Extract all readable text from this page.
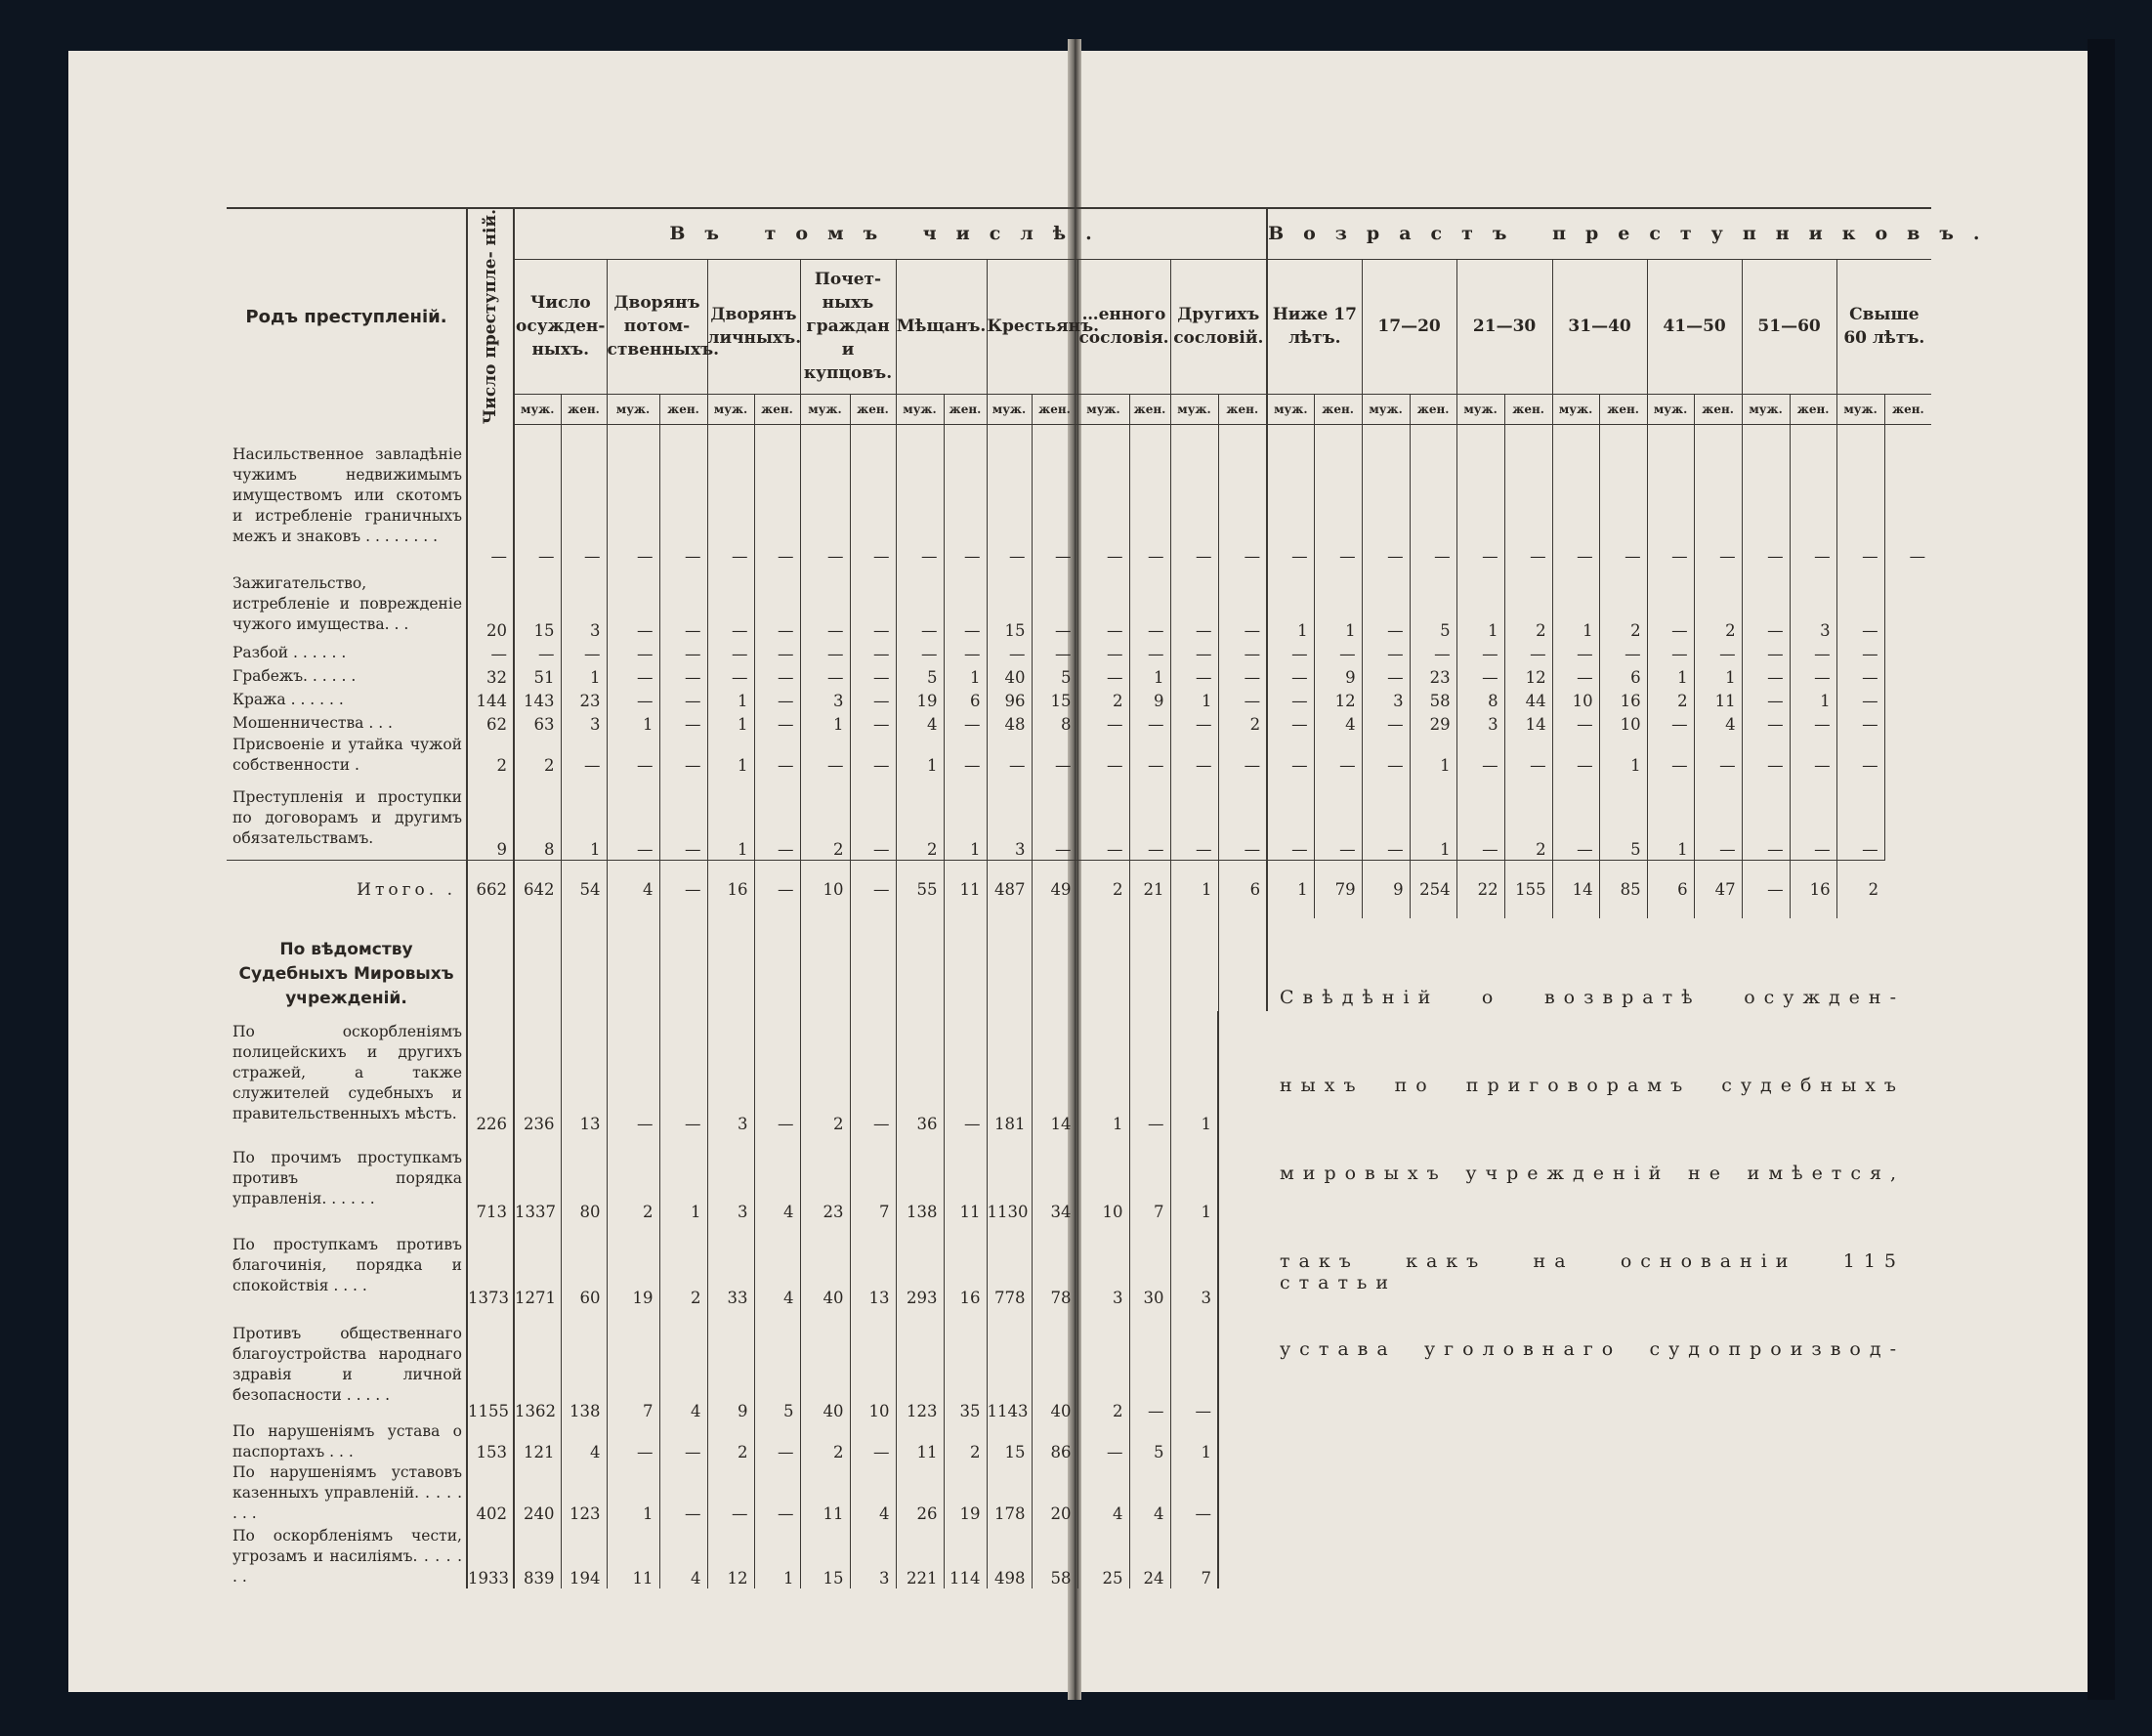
Родъ преступленій.	Число преступле- ній.	Въ томъ числѣ.																Возрастъ преступниковъ.													
		Число осужден- ныхъ.		Дворянъ потом- ственныхъ.		Дворянъ личныхъ.		Почет- ныхъ граждан и купцовъ.		Мѣщанъ.		Крестьянъ.		…енного сословія.		Другихъ сословій.		Ниже 17 лѣтъ.		17—20		21—30		31—40		41—50		51—60		Свыше 60 лѣтъ.	
		муж.	жен.	муж.	жен.	муж.	жен.	муж.	жен.	муж.	жен.	муж.	жен.	муж.	жен.	муж.	жен.	муж.	жен.	муж.	жен.	муж.	жен.	муж.	жен.	муж.	жен.	муж.	жен.	муж.	жен.
Насильственное завладѣніе чужимъ недвижимымъ имуществомъ или скотомъ и истребленіе граничныхъ межъ и знаковъ . . . . . . . .	—	—	—	—	—	—	—	—	—	—	—	—	—	—	—	—	—	—	—	—	—	—	—	—	—	—	—	—	—	—	—
Зажигательство, истребленіе и поврежденіе чужого имущества. . .	20	15	3	—	—	—	—	—	—	—	—	15	—	—	—	—	—	1	1	—	5	1	2	1	2	—	2	—	3	—	
Разбой . . . . . .	—	—	—	—	—	—	—	—	—	—	—	—	—	—	—	—	—	—	—	—	—	—	—	—	—	—	—	—	—	—	
Грабежъ. . . . . .	32	51	1	—	—	—	—	—	—	5	1	40	5	—	1	—	—	—	9	—	23	—	12	—	6	1	1	—	—	—	
Кража . . . . . .	144	143	23	—	—	1	—	3	—	19	6	96	15	2	9	1	—	—	12	3	58	8	44	10	16	2	11	—	1	—	
Мошенничества . . .	62	63	3	1	—	1	—	1	—	4	—	48	8	—	—	—	2	—	4	—	29	3	14	—	10	—	4	—	—	—	
Присвоеніе и утайка чужой собственности .	2	2	—	—	—	1	—	—	—	1	—	—	—	—	—	—	—	—	—	—	1	—	—	—	1	—	—	—	—	—	
Преступленія и проступки по договорамъ и другимъ обязательствамъ.	9	8	1	—	—	1	—	2	—	2	1	3	—	—	—	—	—	—	—	—	1	—	2	—	5	1	—	—	—	—	
Итого. .	662	642	54	4	—	16	—	10	—	55	11	487	49	2	21	1	6	1	79	9	254	22	155	14	85	6	47	—	16	2	
По вѣдомству Судебныхъ Мировыхъ учрежденій.																															
По оскорбленіямъ полицейскихъ и другихъ стражей, а также служителей судебныхъ и правительственныхъ мѣстъ.	226	236	13	—	—	3	—	2	—	36	—	181	14	1	—	1															
По прочимъ проступкамъ противъ порядка управленія. . . . . .	713	1337	80	2	1	3	4	23	7	138	11	1130	34	10	7	1															
По проступкамъ противъ благочинія, порядка и спокойствія . . . .	1373	1271	60	19	2	33	4	40	13	293	16	778	78	3	30	3															
Противъ общественнаго благоустройства народнаго здравія и личной безопасности . . . . .	1155	1362	138	7	4	9	5	40	10	123	35	1143	40	2	—	—															
По нарушеніямъ устава о паспортахъ . . .	153	121	4	—	—	2	—	2	—	11	2	15	86	—	5	1															
По нарушеніямъ уставовъ казенныхъ управленій. . . . . . . .	402	240	123	1	—	—	—	11	4	26	19	178	20	4	4	—															
По оскорбленіямъ чести, угрозамъ и насиліямъ. . . . . . .	1933	839	194	11	4	12	1	15	3	221	114	498	58	25	24	7															
Свѣдѣній о возвратѣ осужден-
ныхъ по приговорамъ судебныхъ
мировыхъ учрежденій не имѣется,
такъ какъ на основаніи 115 статьи
устава уголовнаго судопроизвод-
